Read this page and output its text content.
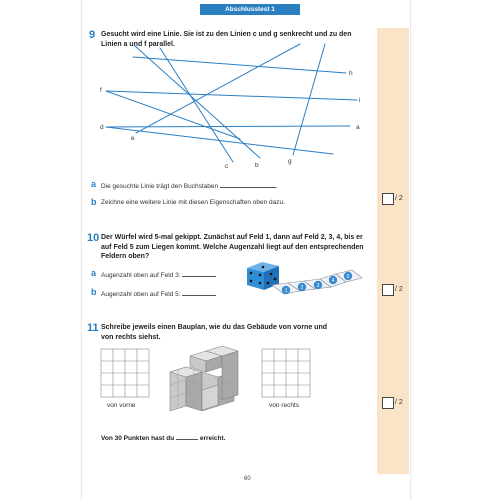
Abschlusstest 1
9 Gesucht wird eine Linie. Sie ist zu den Linien c und g senkrecht und zu den
Linien a und f parallel.
h
i
a
f
d
e
c	b
g
1	2	3
4
5
a Die gesuchte Linie trägt den Buchstaben	.
b Zeichne eine weitere Linie mit diesen Eigenschaften oben dazu.
/ 2
10 Der Würfel wird 5-mal gekippt. Zunächst auf Feld 1, dann auf Feld 2, 3, 4, bis er
auf Feld 5 zum Liegen kommt. Welche Augenzahl liegt auf den entsprechenden
Feldern oben?
a Augenzahl oben auf Feld 3:
b Augenzahl oben auf Feld 5:
/ 2
11 Schreibe jeweils einen Bauplan, wie du das Gebäude von vorne und
von rechts siehst.
von vorne	von rechts	/ 2
Von 30 Punkten hast du	erreicht.
60
